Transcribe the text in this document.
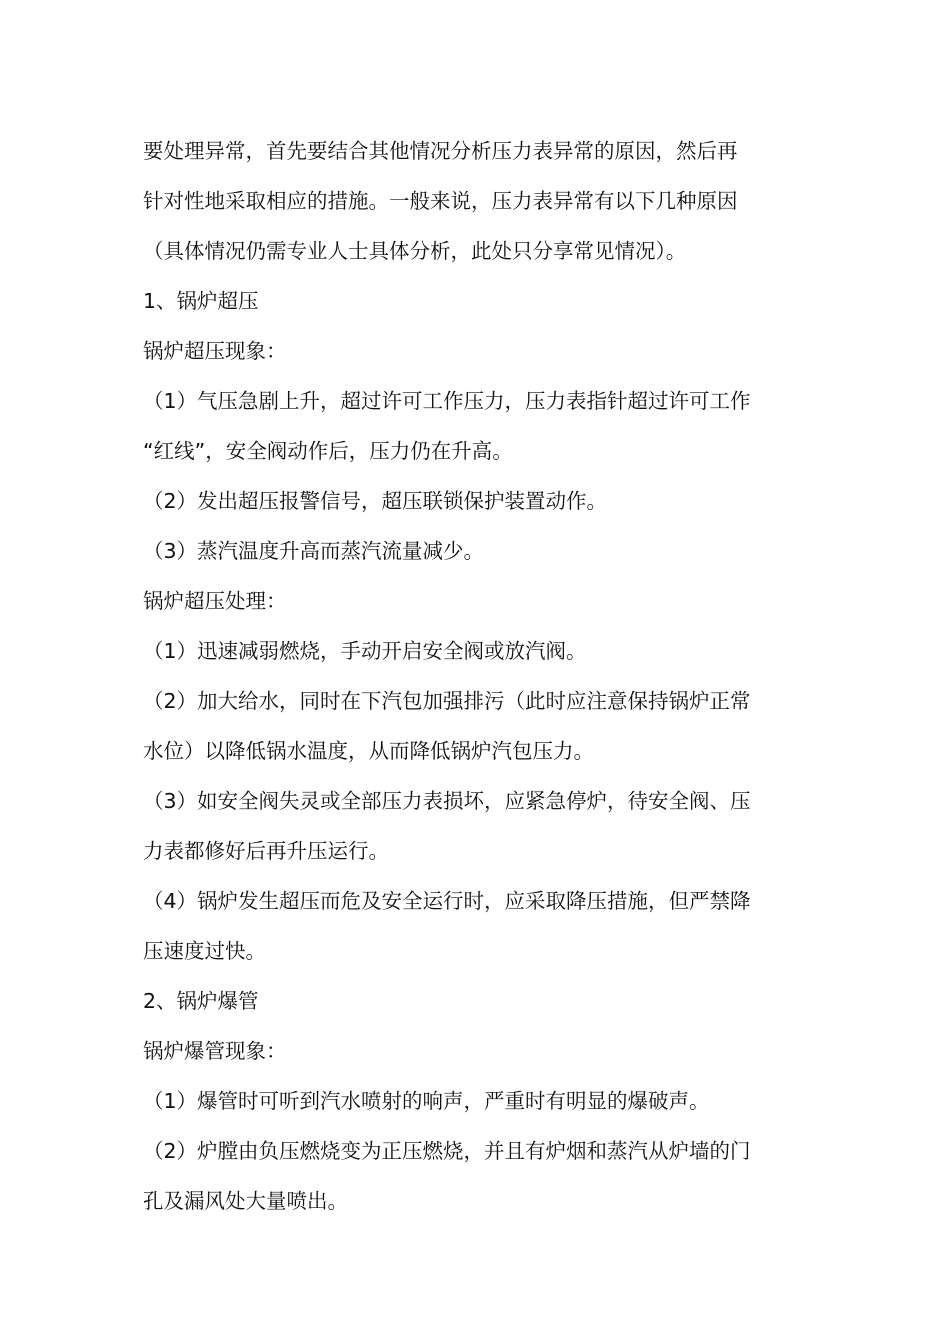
要处理异常，首先要结合其他情况分析压力表异常的原因，然后再
针对性地采取相应的措施。一般来说，压力表异常有以下几种原因
（具体情况仍需专业人士具体分析，此处只分享常见情况）。
1、锅炉超压
锅炉超压现象：
（1）气压急剧上升，超过许可工作压力，压力表指针超过许可工作
“红线”，安全阀动作后，压力仍在升高。
（2）发出超压报警信号，超压联锁保护装置动作。
（3）蒸汽温度升高而蒸汽流量减少。
锅炉超压处理：
（1）迅速减弱燃烧，手动开启安全阀或放汽阀。
（2）加大给水，同时在下汽包加强排污（此时应注意保持锅炉正常
水位）以降低锅水温度，从而降低锅炉汽包压力。
（3）如安全阀失灵或全部压力表损坏，应紧急停炉，待安全阀、压
力表都修好后再升压运行。
（4）锅炉发生超压而危及安全运行时，应采取降压措施，但严禁降
压速度过快。
2、锅炉爆管
锅炉爆管现象：
（1）爆管时可听到汽水喷射的响声，严重时有明显的爆破声。
（2）炉膛由负压燃烧变为正压燃烧，并且有炉烟和蒸汽从炉墙的门
孔及漏风处大量喷出。
